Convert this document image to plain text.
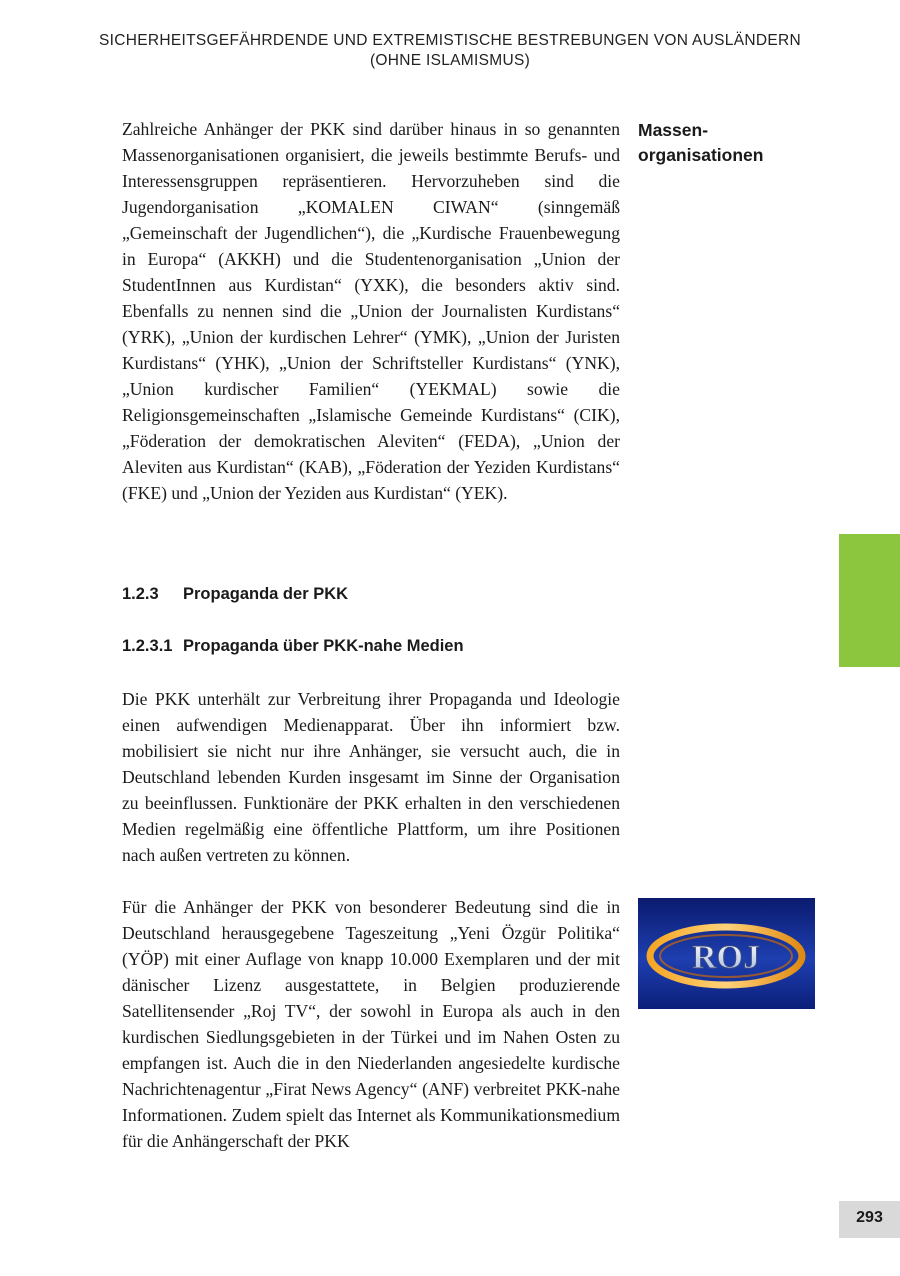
SICHERHEITSGEFÄHRDENDE UND EXTREMISTISCHE BESTREBUNGEN VON AUSLÄNDERN
(OHNE ISLAMISMUS)
Zahlreiche Anhänger der PKK sind darüber hinaus in so genannten Massenorganisationen organisiert, die jeweils bestimmte Berufs- und Interessensgruppen repräsentieren. Hervorzuheben sind die Jugendorganisation „KOMALEN CIWAN“ (sinngemäß „Gemeinschaft der Jugendlichen“), die „Kurdische Frauenbewegung in Europa“ (AKKH) und die Studentenorganisation „Union der StudentInnen aus Kurdistan“ (YXK), die besonders aktiv sind. Ebenfalls zu nennen sind die „Union der Journalisten Kurdistans“ (YRK), „Union der kurdischen Lehrer“ (YMK), „Union der Juristen Kurdistans“ (YHK), „Union der Schriftsteller Kurdistans“ (YNK), „Union kurdischer Familien“ (YEKMAL) sowie die Religionsgemeinschaften „Islamische Gemeinde Kurdistans“ (CIK), „Föderation der demokratischen Aleviten“ (FEDA), „Union der Aleviten aus Kurdistan“ (KAB), „Föderation der Yeziden Kurdistans“ (FKE) und „Union der Yeziden aus Kurdistan“ (YEK).
Massen-
organisationen
1.2.3 Propaganda der PKK
1.2.3.1 Propaganda über PKK-nahe Medien
Die PKK unterhält zur Verbreitung ihrer Propaganda und Ideologie einen aufwendigen Medienapparat. Über ihn informiert bzw. mobilisiert sie nicht nur ihre Anhänger, sie versucht auch, die in Deutschland lebenden Kurden insgesamt im Sinne der Organisation zu beeinflussen. Funktionäre der PKK erhalten in den verschiedenen Medien regelmäßig eine öffentliche Plattform, um ihre Positionen nach außen vertreten zu können.
Für die Anhänger der PKK von besonderer Bedeutung sind die in Deutschland herausgegebene Tageszeitung „Yeni Özgür Politika“ (YÖP) mit einer Auflage von knapp 10.000 Exemplaren und der mit dänischer Lizenz ausgestattete, in Belgien produzierende Satellitensender „Roj TV“, der sowohl in Europa als auch in den kurdischen Siedlungsgebieten in der Türkei und im Nahen Osten zu empfangen ist. Auch die in den Niederlanden angesiedelte kurdische Nachrichtenagentur „Firat News Agency“ (ANF) verbreitet PKK-nahe Informationen. Zudem spielt das Internet als Kommunikationsmedium für die Anhängerschaft der PKK
ROJ
293
